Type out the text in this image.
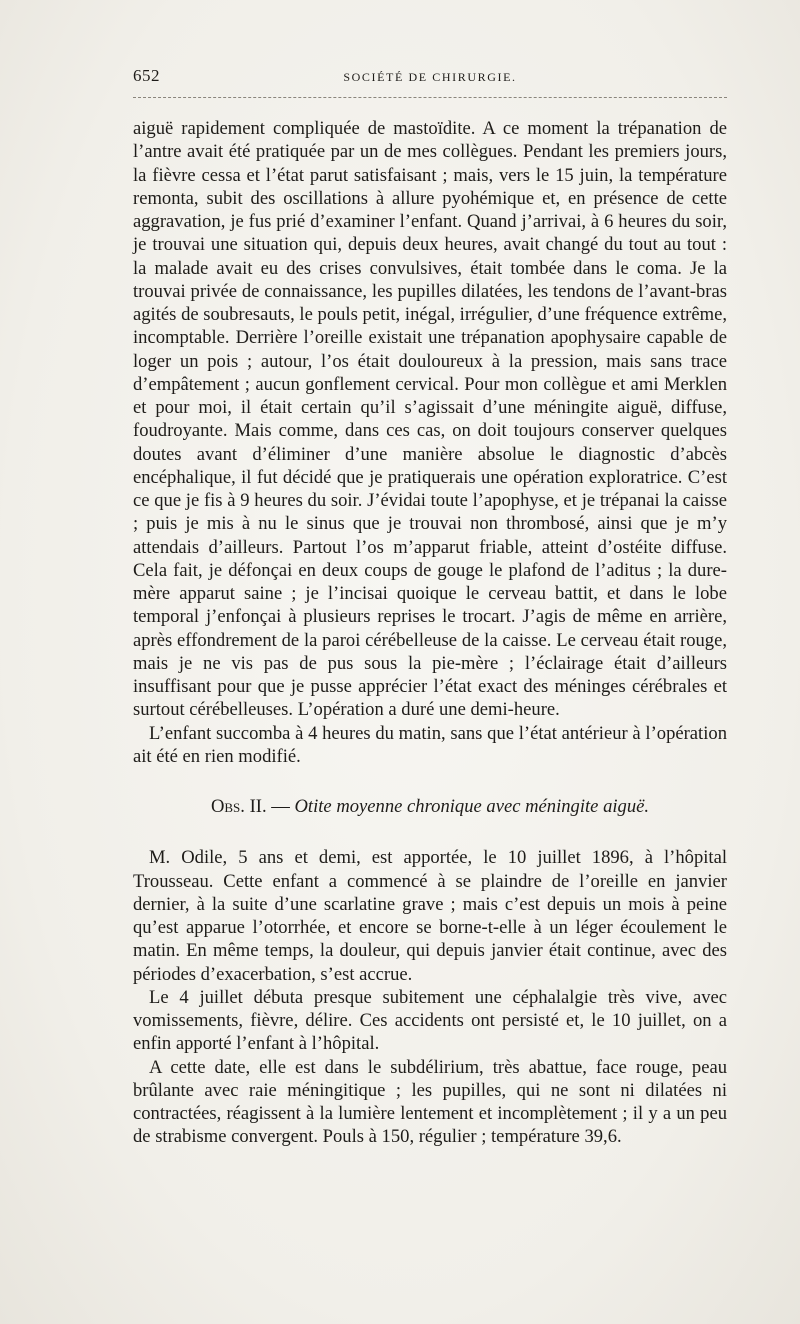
652	SOCIÉTÉ DE CHIRURGIE.

aiguë rapidement compliquée de mastoïdite. A ce moment la trépanation de l’antre avait été pratiquée par un de mes collègues. Pendant les premiers jours, la fièvre cessa et l’état parut satisfaisant ; mais, vers le 15 juin, la température remonta, subit des oscillations à allure pyohémique et, en présence de cette aggravation, je fus prié d’examiner l’enfant. Quand j’arrivai, à 6 heures du soir, je trouvai une situation qui, depuis deux heures, avait changé du tout au tout : la malade avait eu des crises convulsives, était tombée dans le coma. Je la trouvai privée de connaissance, les pupilles dilatées, les tendons de l’avant-bras agités de soubresauts, le pouls petit, inégal, irrégulier, d’une fréquence extrême, incomptable. Derrière l’oreille existait une trépanation apophysaire capable de loger un pois ; autour, l’os était douloureux à la pression, mais sans trace d’empâtement ; aucun gonflement cervical. Pour mon collègue et ami Merklen et pour moi, il était certain qu’il s’agissait d’une méningite aiguë, diffuse, foudroyante. Mais comme, dans ces cas, on doit toujours conserver quelques doutes avant d’éliminer d’une manière absolue le diagnostic d’abcès encéphalique, il fut décidé que je pratiquerais une opération exploratrice. C’est ce que je fis à 9 heures du soir. J’évidai toute l’apophyse, et je trépanai la caisse ; puis je mis à nu le sinus que je trouvai non thrombosé, ainsi que je m’y attendais d’ailleurs. Partout l’os m’apparut friable, atteint d’ostéite diffuse. Cela fait, je défonçai en deux coups de gouge le plafond de l’aditus ; la dure-mère apparut saine ; je l’incisai quoique le cerveau battit, et dans le lobe temporal j’enfonçai à plusieurs reprises le trocart. J’agis de même en arrière, après effondrement de la paroi cérébelleuse de la caisse. Le cerveau était rouge, mais je ne vis pas de pus sous la pie-mère ; l’éclairage était d’ailleurs insuffisant pour que je pusse apprécier l’état exact des méninges cérébrales et surtout cérébelleuses. L’opération a duré une demi-heure.

L’enfant succomba à 4 heures du matin, sans que l’état antérieur à l’opération ait été en rien modifié.

Obs. II. — Otite moyenne chronique avec méningite aiguë.

M. Odile, 5 ans et demi, est apportée, le 10 juillet 1896, à l’hôpital Trousseau. Cette enfant a commencé à se plaindre de l’oreille en janvier dernier, à la suite d’une scarlatine grave ; mais c’est depuis un mois à peine qu’est apparue l’otorrhée, et encore se borne-t-elle à un léger écoulement le matin. En même temps, la douleur, qui depuis janvier était continue, avec des périodes d’exacerbation, s’est accrue.

Le 4 juillet débuta presque subitement une céphalalgie très vive, avec vomissements, fièvre, délire. Ces accidents ont persisté et, le 10 juillet, on a enfin apporté l’enfant à l’hôpital.

A cette date, elle est dans le subdélirium, très abattue, face rouge, peau brûlante avec raie méningitique ; les pupilles, qui ne sont ni dilatées ni contractées, réagissent à la lumière lentement et incomplètement ; il y a un peu de strabisme convergent. Pouls à 150, régulier ; température 39,6.
